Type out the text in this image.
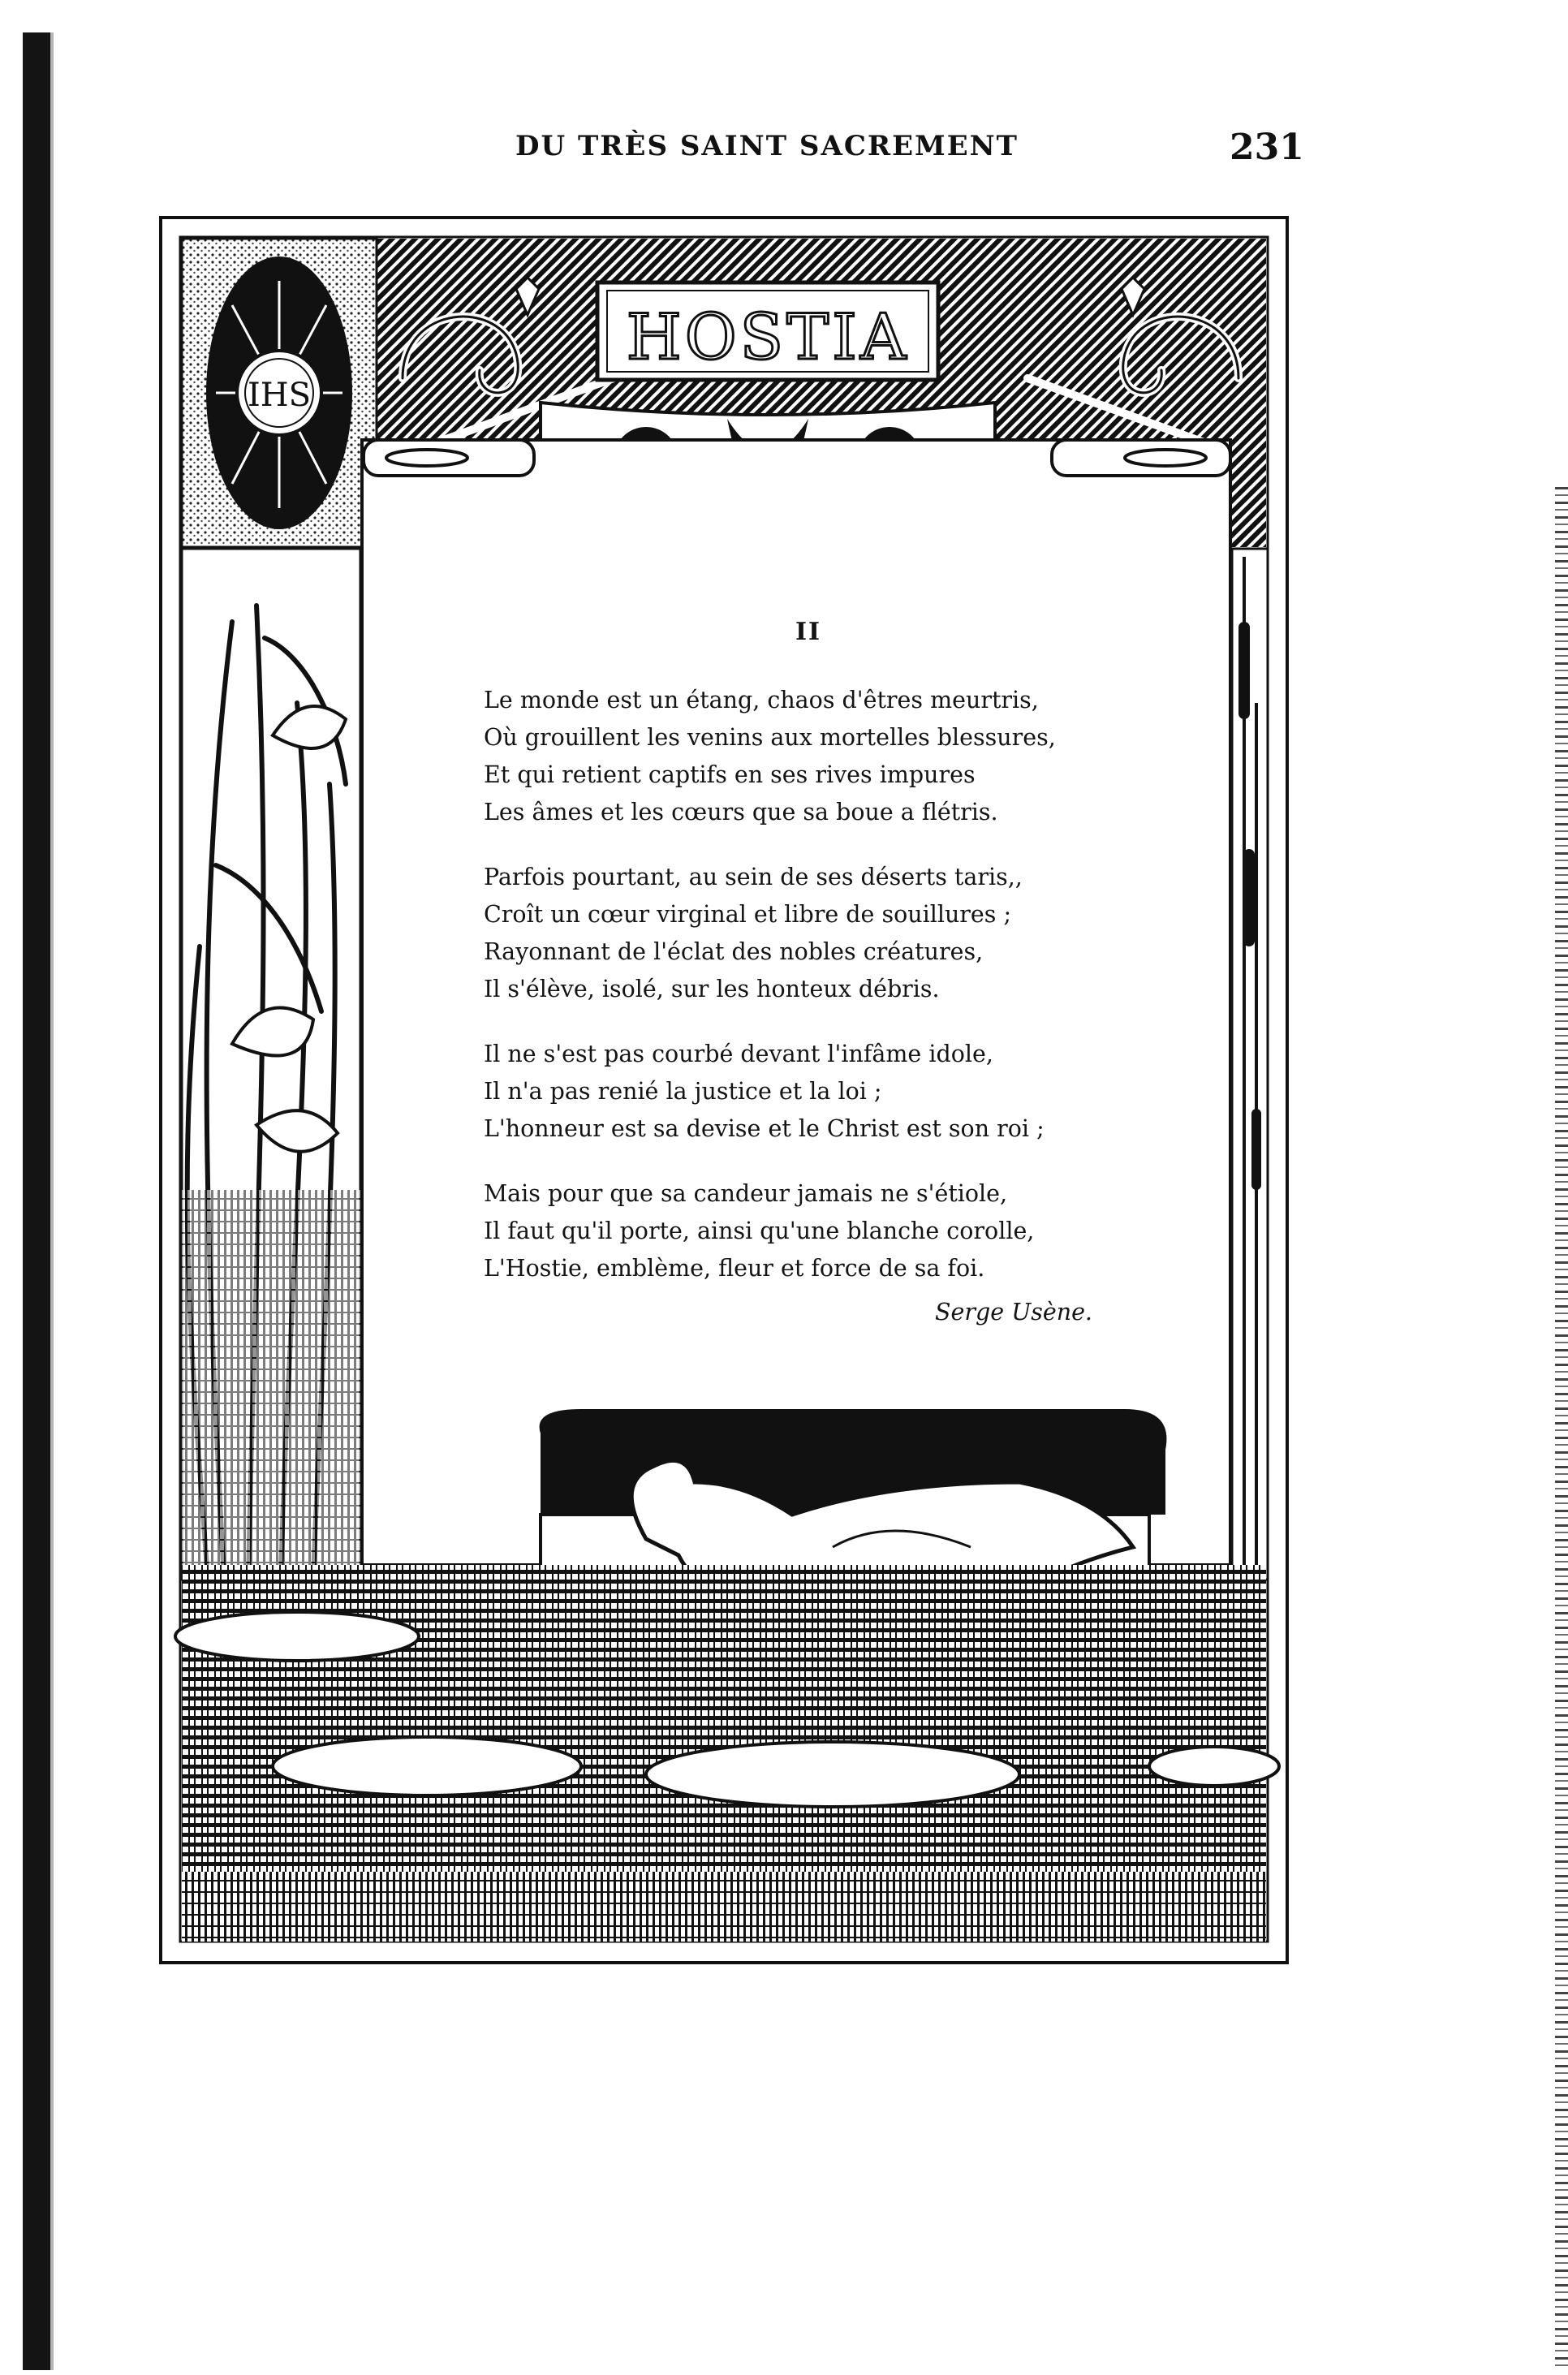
DU TRÈS SAINT SACREMENT	231
IHS
HOSTIA
II
Le monde est un étang, chaos d'êtres meurtris,
Où grouillent les venins aux mortelles blessures,
Et qui retient captifs en ses rives impures
Les âmes et les cœurs que sa boue a flétris.
Parfois pourtant, au sein de ses déserts taris,,
Croît un cœur virginal et libre de souillures ;
Rayonnant de l'éclat des nobles créatures,
Il s'élève, isolé, sur les honteux débris.
Il ne s'est pas courbé devant l'infâme idole,
Il n'a pas renié la justice et la loi ;
L'honneur est sa devise et le Christ est son roi ;
Mais pour que sa candeur jamais ne s'étiole,
Il faut qu'il porte, ainsi qu'une blanche corolle,
L'Hostie, emblème, fleur et force de sa foi.
Serge Usène.
